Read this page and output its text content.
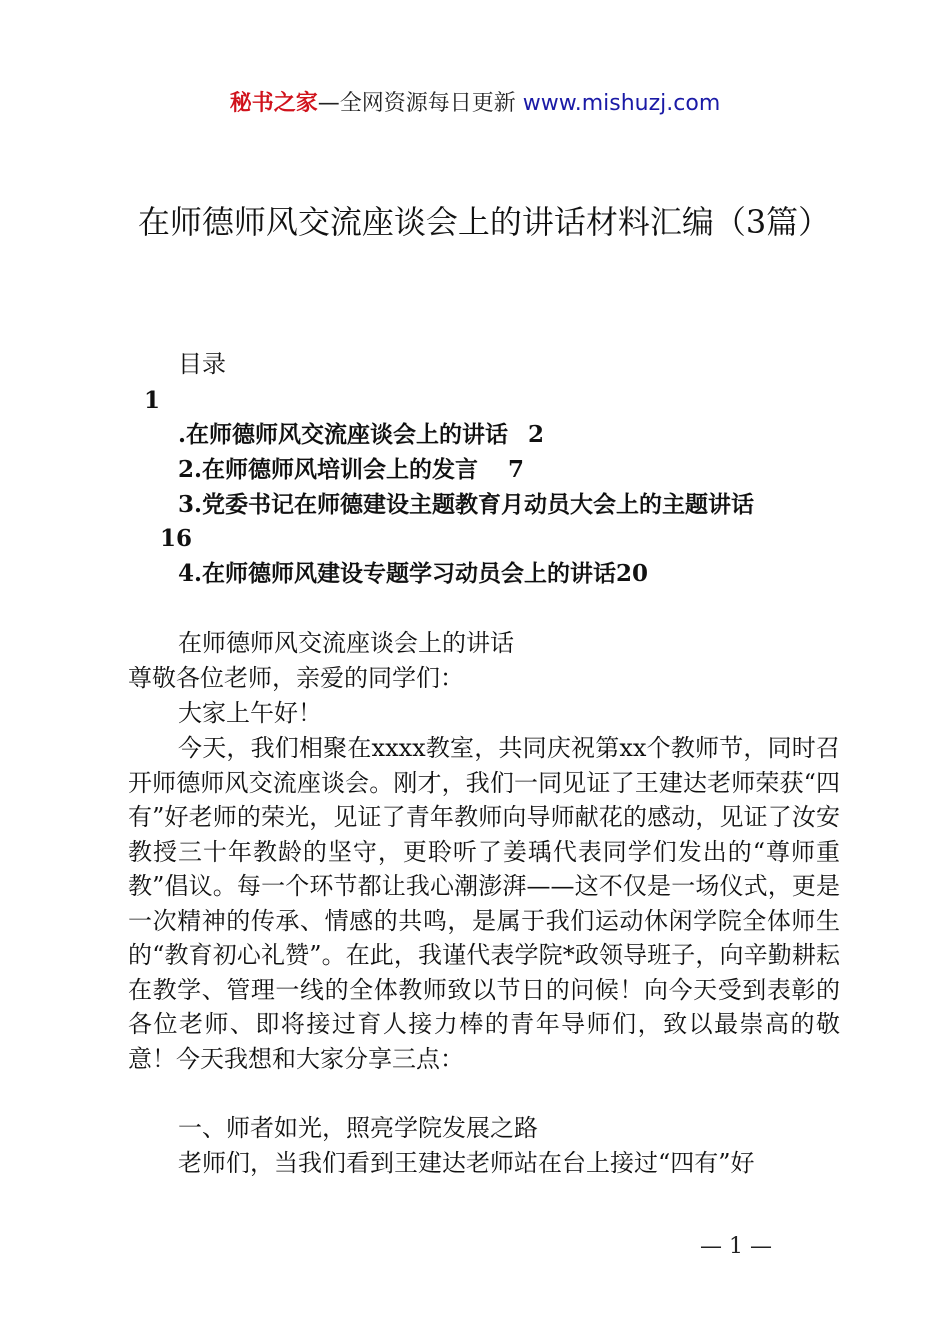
秘书之家—全网资源每日更新 www.mishuzj.com
在师德师风交流座谈会上的讲话材料汇编（3篇）
目录
1
.在师德师风交流座谈会上的讲话 2
2.在师德师风培训会上的发言 7
3.党委书记在师德建设主题教育月动员大会上的主题讲话
16
4.在师德师风建设专题学习动员会上的讲话20
在师德师风交流座谈会上的讲话
尊敬各位老师，亲爱的同学们：
大家上午好！
今天，我们相聚在xxxx教室，共同庆祝第xx个教师节，同时召开师德师风交流座谈会。刚才，我们一同见证了王建达老师荣获“四有”好老师的荣光，见证了青年教师向导师献花的感动，见证了汝安教授三十年教龄的坚守，更聆听了姜瑀代表同学们发出的“尊师重教”倡议。每一个环节都让我心潮澎湃——这不仅是一场仪式，更是一次精神的传承、情感的共鸣，是属于我们运动休闲学院全体师生的“教育初心礼赞”。在此，我谨代表学院*政领导班子，向辛勤耕耘在教学、管理一线的全体教师致以节日的问候！向今天受到表彰的各位老师、即将接过育人接力棒的青年导师们，致以最崇高的敬意！今天我想和大家分享三点：
一、师者如光，照亮学院发展之路
老师们，当我们看到王建达老师站在台上接过“四有”好
— 1 —
